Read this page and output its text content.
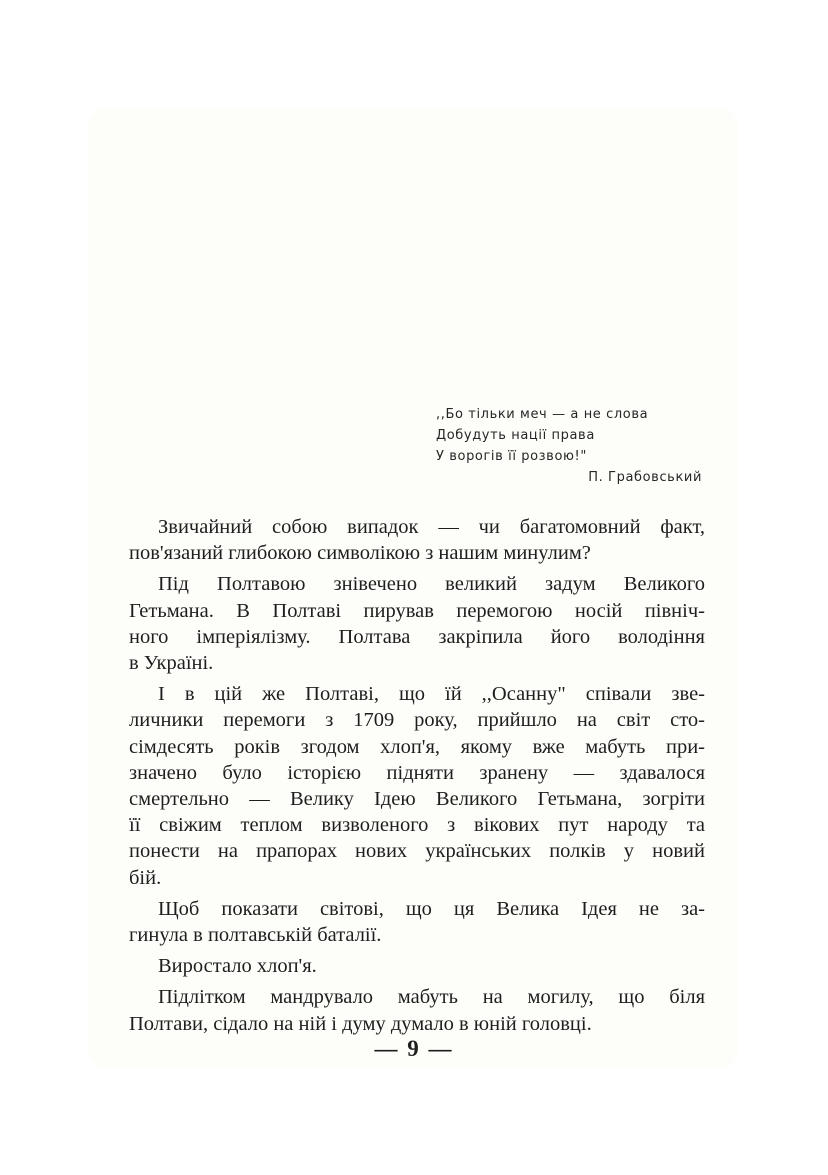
,,Бо тільки меч — а не слова
Добудуть нації права
У ворогів її розвою!"
П. Грабовський
Звичайний собою випадок — чи багатомовний факт,
пов'язаний глибокою символікою з нашим минулим?
Під Полтавою знівечено великий задум Великого
Гетьмана. В Полтаві пирував перемогою носій північ-
ного імперіялізму. Полтава закріпила його володіння
в Україні.
І в цій же Полтаві, що їй ,,Осанну" співали зве-
личники перемоги з 1709 року, прийшло на світ сто-
сімдесять років згодом хлоп'я, якому вже мабуть при-
значено було історією підняти зранену — здавалося
смертельно — Велику Ідею Великого Гетьмана, зогріти
її свіжим теплом визволеного з вікових пут народу та
понести на прапорах нових українських полків у новий
бій.
Щоб показати світові, що ця Велика Ідея не за-
гинула в полтавській баталії.
Виростало хлоп'я.
Підлітком мандрувало мабуть на могилу, що біля
Полтави, сідало на ній і думу думало в юній головці.
— 9 —
